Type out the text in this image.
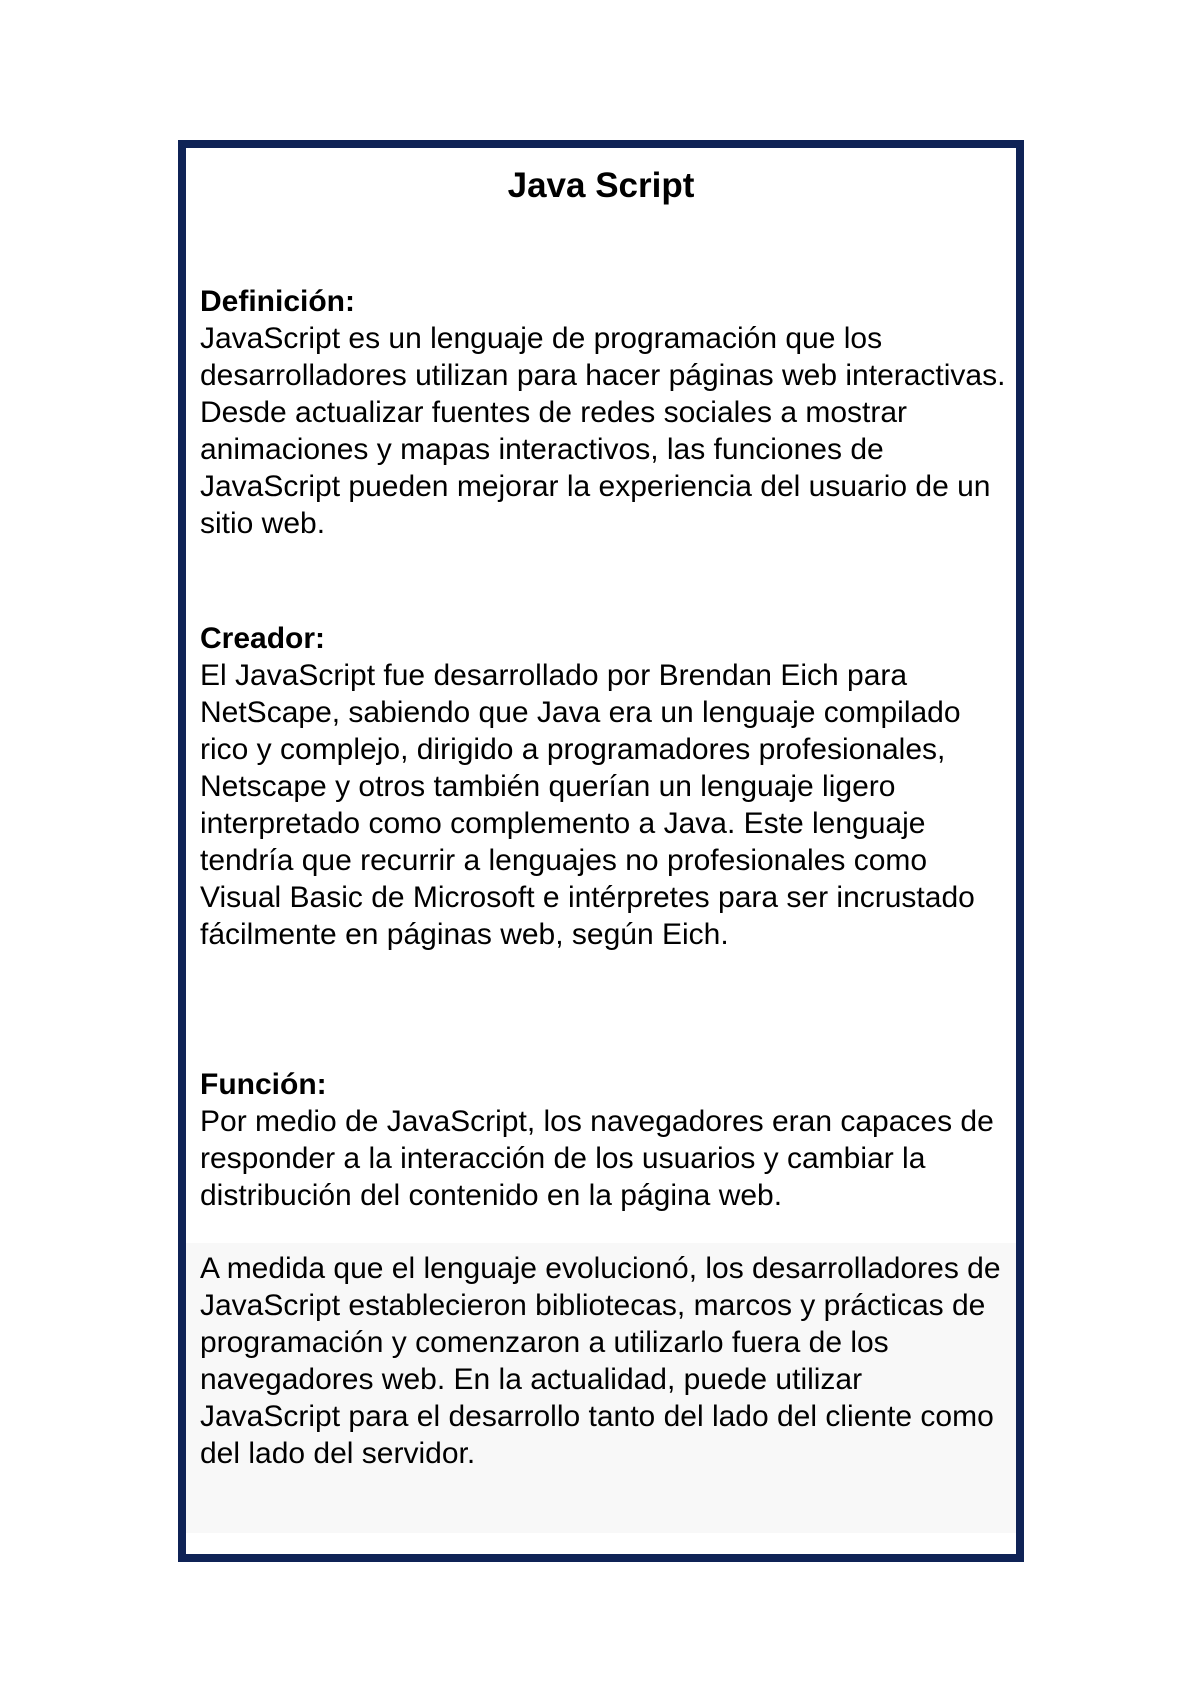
Java Script
Definición:
JavaScript es un lenguaje de programación que los desarrolladores utilizan para hacer páginas web interactivas. Desde actualizar fuentes de redes sociales a mostrar animaciones y mapas interactivos, las funciones de JavaScript pueden mejorar la experiencia del usuario de un sitio web.
Creador:
El JavaScript fue desarrollado por Brendan Eich para NetScape, sabiendo que Java era un lenguaje compilado rico y complejo, dirigido a programadores profesionales, Netscape y otros también querían un lenguaje ligero interpretado como complemento a Java. Este lenguaje tendría que recurrir a lenguajes no profesionales como Visual Basic de Microsoft e intérpretes para ser incrustado fácilmente en páginas web, según Eich.
Función:
Por medio de JavaScript, los navegadores eran capaces de responder a la interacción de los usuarios y cambiar la distribución del contenido en la página web.
A medida que el lenguaje evolucionó, los desarrolladores de JavaScript establecieron bibliotecas, marcos y prácticas de programación y comenzaron a utilizarlo fuera de los navegadores web. En la actualidad, puede utilizar JavaScript para el desarrollo tanto del lado del cliente como del lado del servidor.
